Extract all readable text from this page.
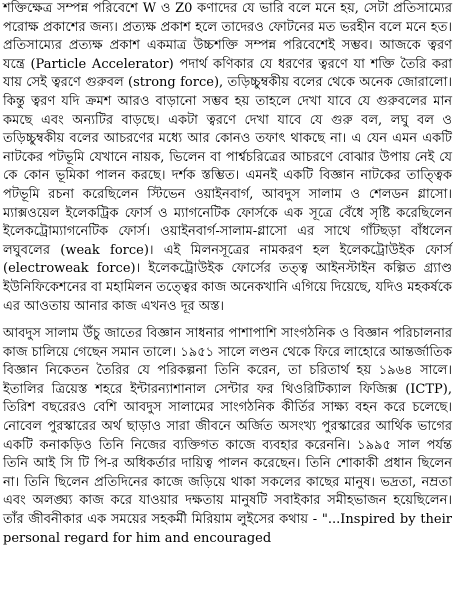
শক্তিক্ষেত্র সম্পন্ন পরিবেশে W ও Z0 কণাদের যে ভারি বলে মনে হয়, সেটা প্রতিসাম্যের পরোক্ষ প্রকাশের জন্য। প্রত্যক্ষ প্রকাশ হলে তাদেরও ফোটনের মত ভরহীন বলে মনে হত। প্রতিসাম্যের প্রত্যক্ষ প্রকাশ একমাত্র উচ্চশক্তি সম্পন্ন পরিবেশেই সম্ভব। আজকে ত্বরণ যন্ত্রে (Particle Accelerator) পদার্থ কণিকার যে ধরণের ত্বরণে যা শক্তি তৈরি করা যায় সেই ত্বরণে গুরুবল (strong force), তড়িচ্চুম্বকীয় বলের থেকে অনেক জোরালো। কিন্তু ত্বরণ যদি ক্রমশ আরও বাড়ানো সম্ভব হয় তাহলে দেখা যাবে যে গুরুবলের মান কমছে এবং অন্যটির বাড়ছে। একটা ত্বরণে দেখা যাবে যে গুরু বল, লঘু বল ও তড়িচ্চুম্বকীয় বলের আচরণের মধ্যে আর কোনও তফাৎ থাকছে না। এ যেন এমন একটি নাটকের পটভূমি যেখানে নায়ক, ভিলেন বা পার্শ্বচরিত্রের আচরণে বোঝার উপায় নেই যে কে কোন ভূমিকা পালন করছে। দর্শক স্তম্ভিত। এমনই একটি বিজ্ঞান নাটকের তাত্ত্বিক পটভূমি রচনা করেছিলেন স্টিভেন ওয়াইনবার্গ, আবদুস সালাম ও শেলডন গ্লাসো। ম্যাক্সওয়েল ইলেকট্রিক ফোর্স ও ম্যাগনেটিক ফোর্সকে এক সূত্রে বেঁধে সৃষ্টি করেছিলেন ইলেকট্রোম্যাগনেটিক ফোর্স। ওয়াইনবার্গ-সালাম-গ্লাসো এর সাথে গাঁটছড়া বাঁধলেন লঘুবলের (weak force)। এই মিলনসূত্রের নামকরণ হল ইলেকট্রোউইক ফোর্স (electroweak force)। ইলেকট্রোউইক ফোর্সের তত্ত্ব আইনস্টাইন কল্পিত গ্র্যাণ্ড ইউনিফিকেশনের বা মহামিলন তত্ত্বের কাজ অনেকখানি এগিয়ে দিয়েছে, যদিও মহকর্ষকে এর আওতায় আনার কাজ এখনও দূর অস্ত।

আবদুস সালাম উঁচু জাতের বিজ্ঞান সাধনার পাশাপাশি সাংগঠনিক ও বিজ্ঞান পরিচালনার কাজ চালিয়ে গেছেন সমান তালে। ১৯৫১ সালে লণ্ডন থেকে ফিরে লাহোরে আন্তর্জাতিক বিজ্ঞান নিকেতন তৈরির যে পরিকল্পনা তিনি করেন, তা চরিতার্থ হয় ১৯৬৪ সালে। ইতালির ত্রিয়েস্ত শহরে ইন্টারন্যাশানাল সেন্টার ফর থিওরিটিক্যাল ফিজিক্স (ICTP), তিরিশ বছরেরও বেশি আবদুস সালামের সাংগঠনিক কীর্তির সাক্ষ্য বহন করে চলেছে। নোবেল পুরস্কারের অর্থ ছাড়াও সারা জীবনে অর্জিত অসংখ্য পুরস্কারের আর্থিক ভাগের একটি কনাকড়িও তিনি নিজের ব্যক্তিগত কাজে ব্যবহার করেননি। ১৯৯৫ সাল পর্যন্ত তিনি আই সি টি পি-র অধিকর্তার দায়িত্ব পালন করেছেন। তিনি শোকাকী প্রধান ছিলেন না। তিনি ছিলেন প্রতিদিনের কাজে জড়িয়ে থাকা সকলের কাছের মানুষ। ভদ্রতা, নম্রতা এবং অলঙ্ঘ্য কাজ করে যাওয়ার দক্ষতায় মানুষটি সবাইকার সমীহভাজন হয়েছিলেন। তাঁর জীবনীকার এক সময়ের সহকর্মী মিরিয়াম লুইসের কথায় - "...Inspired by their personal regard for him and encouraged
